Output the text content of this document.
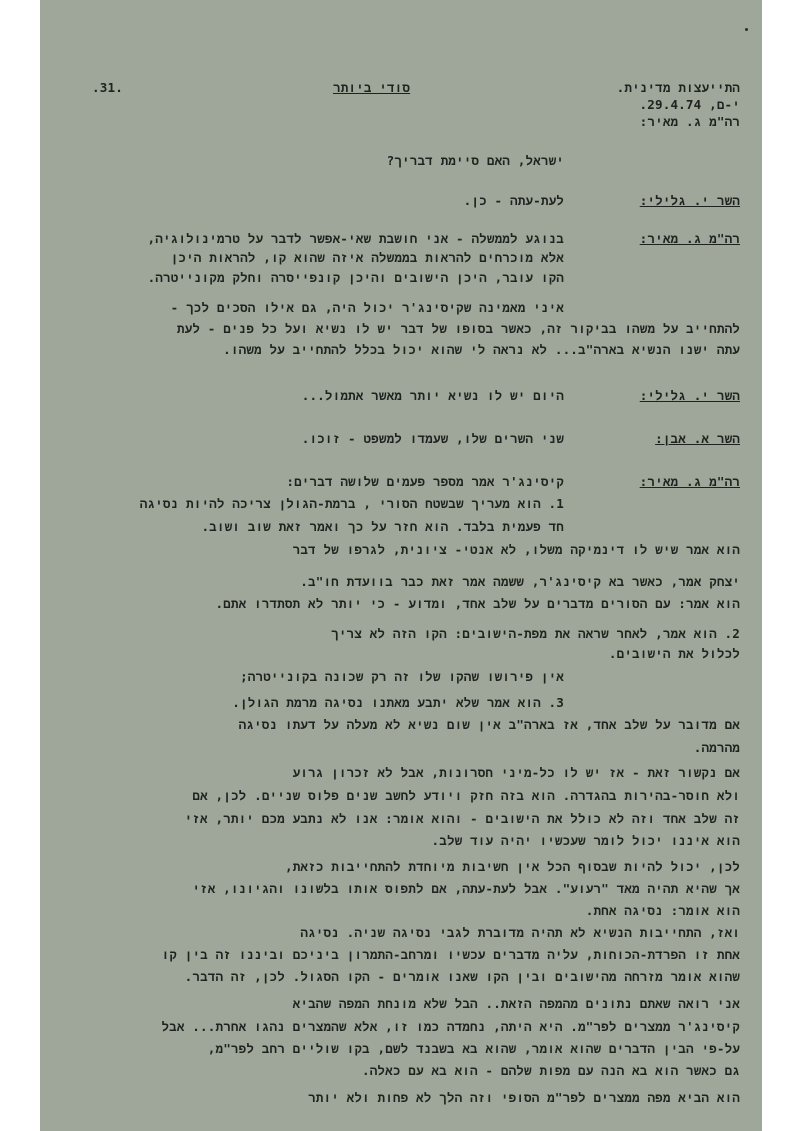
התייעצות מדינית.
י-ם, 29.4.74.
רה"מ ג. מאיר:
סודי ביותר
.31.
ישראל, האם סיימת דבריך?
השר י. גלילי:
לעת-עתה - כן.
רה"מ ג. מאיר:
בנוגע לממשלה - אני חושבת שאי-אפשר לדבר על טרמינולוגיה,
אלא מוכרחים להראות בממשלה איזה שהוא קו, להראות היכן
הקו עובר, היכן הישובים והיכן קונפייסרה וחלק מקונייטרה.
איני מאמינה שקיסינג'ר יכול היה, גם אילו הסכים לכך -
להתחייב על משהו בביקור זה, כאשר בסופו של דבר יש לו נשיא ועל כל פנים - לעת
עתה ישנו הנשיא בארה"ב... לא נראה לי שהוא יכול בכלל להתחייב על משהו.
השר י. גלילי:
היום יש לו נשיא יותר מאשר אתמול...
השר א. אבן:
שני השרים שלו, שעמדו למשפט - זוכו.
רה"מ ג. מאיר:
קיסינג'ר אמר מספר פעמים שלושה דברים:
1. הוא מעריך שבשטח הסורי , ברמת-הגולן צריכה להיות נסיגה
חד פעמית בלבד. הוא חזר על כך ואמר זאת שוב ושוב.
הוא אמר שיש לו דינמיקה משלו, לא אנטי- ציונית, לגרפו של דבר
יצחק אמר, כאשר בא קיסינג'ר, ששמה אמר זאת כבר בוועדת חו"ב.
הוא אמר: עם הסורים מדברים על שלב אחד, ומדוע - כי יותר לא תסתדרו אתם.
2. הוא אמר, לאחר שראה את מפת-הישובים: הקו הזה לא צריך
לכלול את הישובים.
אין פירושו שהקו שלו זה רק שכונה בקונייטרה;
3. הוא אמר שלא יתבע מאתנו נסיגה מרמת הגולן.
אם מדובר על שלב אחד, אז בארה"ב אין שום נשיא לא מעלה על דעתו נסיגה
מהרמה.
אם נקשור זאת - אז יש לו כל-מיני חסרונות, אבל לא זכרון גרוע
ולא חוסר-בהירות בהגדרה. הוא בזה חזק ויודע לחשב שנים פלוס שניים. לכן, אם
זה שלב אחד וזה לא כולל את הישובים - והוא אומר: אנו לא נתבע מכם יותר, אזי
הוא איננו יכול לומר שעכשיו יהיה עוד שלב.
לכן, יכול להיות שבסוף הכל אין חשיבות מיוחדת להתחייבות כזאת,
אך שהיא תהיה מאד "רעוע". אבל לעת-עתה, אם לתפוס אותו בלשונו והגיונו, אזי
הוא אומר: נסיגה אחת.
ואז, התחייבות הנשיא לא תהיה מדוברת לגבי נסיגה שניה. נסיגה
אחת זו הפרדת-הכוחות, עליה מדברים עכשיו ומרחב-התמרון ביניכם וביננו זה בין קו
שהוא אומר מזרחה מהישובים ובין הקו שאנו אומרים - הקו הסגול. לכן, זה הדבר.
אני רואה שאתם נתונים מהמפה הזאת.. הבל שלא מונחת המפה שהביא
קיסינג'ר ממצרים לפר"מ. היא היתה, נחמדה כמו זו, אלא שהמצרים נהגו אחרת... אבל
על-פי הבין הדברים שהוא אומר, שהוא בא בשבנד לשם, בקו שוליים רחב לפר"מ,
גם כאשר הוא בא הנה עם מפות שלהם - הוא בא עם כאלה.
הוא הביא מפה ממצרים לפר"מ הסופי וזה הלך לא פחות ולא יותר
